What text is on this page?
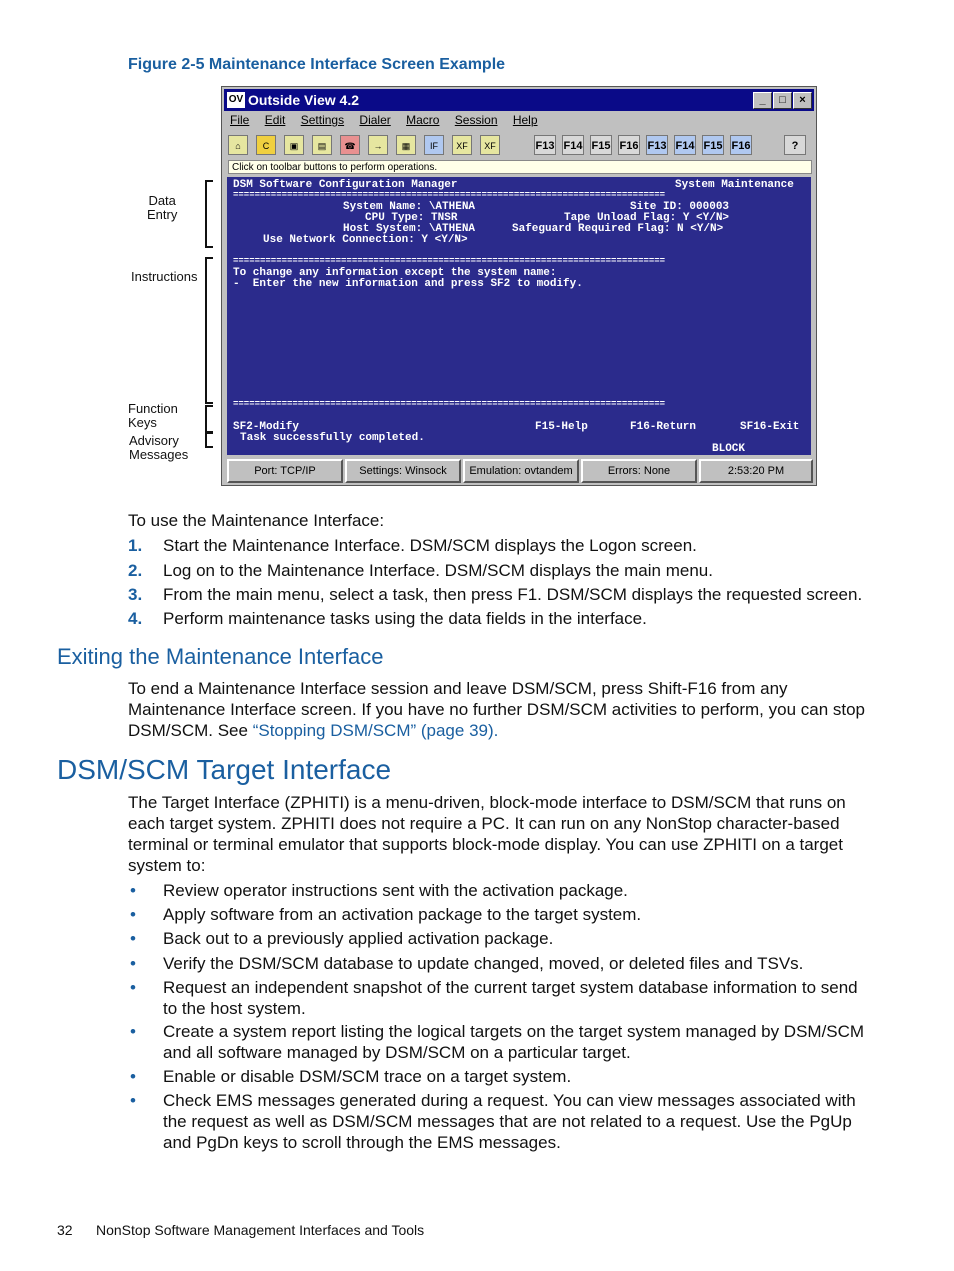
Figure 2-5 Maintenance Interface Screen Example
Data
Entry
Instructions
Function
Keys
Advisory
Messages
OV Outside View 4.2	_	□	×
File Edit Settings Dialer Macro Session Help
⌂	C	▣	▤	☎	→	▦	IF	XF	XF	F13 F14 F15 F16 F13 F14 F15 F16	?
Click on toolbar buttons to perform operations.
DSM Software Configuration Manager	System Maintenance
================================================================================
System Name: \ATHENA	Site ID: 000003
CPU Type: TNSR	Tape Unload Flag: Y <Y/N>
Host System: \ATHENA	Safeguard Required Flag: N <Y/N>
Use Network Connection: Y <Y/N>
================================================================================
To change any information except the system name:
-  Enter the new information and press SF2 to modify.
================================================================================
SF2-Modify	F15-Help	F16-Return	SF16-Exit
Task successfully completed.
BLOCK
Port: TCP/IP	Settings: Winsock	Emulation: ovtandem	Errors: None	2:53:20 PM
To use the Maintenance Interface:
1. Start the Maintenance Interface. DSM/SCM displays the Logon screen.
2. Log on to the Maintenance Interface. DSM/SCM displays the main menu.
3. From the main menu, select a task, then press F1. DSM/SCM displays the requested screen.
4. Perform maintenance tasks using the data fields in the interface.
Exiting the Maintenance Interface
To end a Maintenance Interface session and leave DSM/SCM, press Shift-F16 from any
Maintenance Interface screen. If you have no further DSM/SCM activities to perform, you can stop
DSM/SCM. See “Stopping DSM/SCM” (page 39).
DSM/SCM Target Interface
The Target Interface (ZPHITI) is a menu-driven, block-mode interface to DSM/SCM that runs on
each target system. ZPHITI does not require a PC. It can run on any NonStop character-based
terminal or terminal emulator that supports block-mode display. You can use ZPHITI on a target
system to:
• Review operator instructions sent with the activation package.
• Apply software from an activation package to the target system.
• Back out to a previously applied activation package.
• Verify the DSM/SCM database to update changed, moved, or deleted files and TSVs.
• Request an independent snapshot of the current target system database information to send
to the host system.
• Create a system report listing the logical targets on the target system managed by DSM/SCM
and all software managed by DSM/SCM on a particular target.
• Enable or disable DSM/SCM trace on a target system.
• Check EMS messages generated during a request. You can view messages associated with
the request as well as DSM/SCM messages that are not related to a request. Use the PgUp
and PgDn keys to scroll through the EMS messages.
32 NonStop Software Management Interfaces and Tools
